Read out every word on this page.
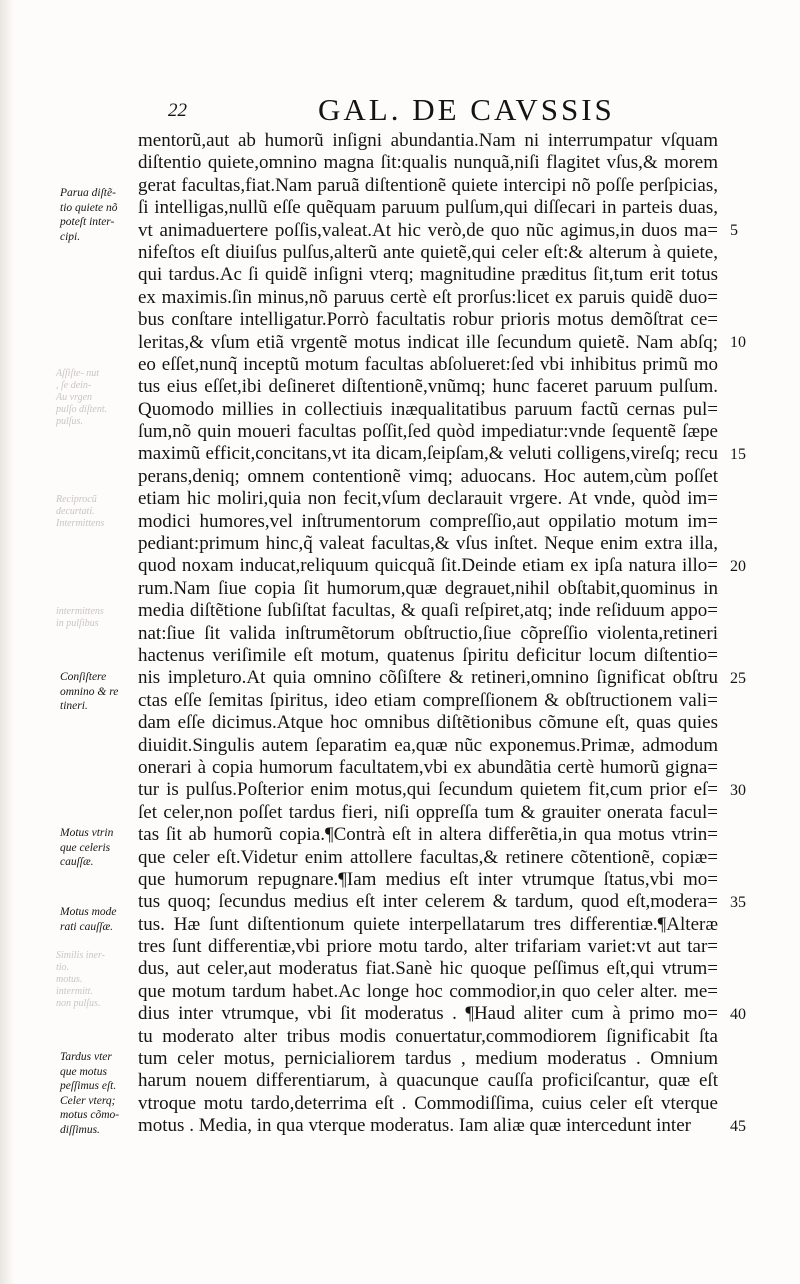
Aſſiſte- nut
, ſe dein-
Au vrgen
pulſo diſtent.
pulſus.
Reciprocũ
decurtati.
Intermittens
intermittens
in pulſibus
Similis iner-
tio.
motus.
intermitt.
non pulſus.
22	GAL. DE CAVSSIS
mentorũ,aut ab humorũ inſigni abundantia.Nam ni interrumpatur vſquam
diſtentio quiete,omnino magna ſit:qualis nunquã,niſi flagitet vſus,& morem
gerat facultas,fiat.Nam paruã diſtentionẽ quiete intercipi nõ poſſe perſpicias,
ſi intelligas,nullũ eſſe quẽquam paruum pulſum,qui diſſecari in parteis duas,
vt animaduertere poſſis,valeat.At hic verò,de quo nũc agimus,in duos ma=
nifeſtos eſt diuiſus pulſus,alterũ ante quietẽ,qui celer eſt:& alterum à quiete,
qui tardus.Ac ſi quidẽ inſigni vterq; magnitudine præditus ſit,tum erit totus
ex maximis.ſin minus,nõ paruus certè eſt prorſus:licet ex paruis quidẽ duo=
bus conſtare intelligatur.Porrò facultatis robur prioris motus demõſtrat ce=
leritas,& vſum etiã vrgentẽ motus indicat ille ſecundum quietẽ. Nam abſq;
eo eſſet,nunq̃ inceptũ motum facultas abſolueret:ſed vbi inhibitus primũ mo
tus eius eſſet,ibi deſineret diſtentionẽ,vnũmq; hunc faceret paruum pulſum.
Quomodo millies in collectiuis inæqualitatibus paruum factũ cernas pul=
ſum,nõ quin moueri facultas poſſit,ſed quòd impediatur:vnde ſequentẽ ſæpe
maximũ efficit,concitans,vt ita dicam,ſeipſam,& veluti colligens,vireſq; recu
perans,deniq; omnem contentionẽ vimq; aduocans. Hoc autem,cùm poſſet
etiam hic moliri,quia non fecit,vſum declarauit vrgere. At vnde, quòd im=
modici humores,vel inſtrumentorum compreſſio,aut oppilatio motum im=
pediant:primum hinc,q̃ valeat facultas,& vſus inſtet. Neque enim extra illa,
quod noxam inducat,reliquum quicquã ſit.Deinde etiam ex ipſa natura illo=
rum.Nam ſiue copia ſit humorum,quæ degrauet,nihil obſtabit,quominus in
media diſtẽtione ſubſiſtat facultas, & quaſi reſpiret,atq; inde reſiduum appo=
nat:ſiue ſit valida inſtrumẽtorum obſtructio,ſiue cõpreſſio violenta,retineri
hactenus veriſimile eſt motum, quatenus ſpiritu deficitur locum diſtentio=
nis impleturo.At quia omnino cõſiſtere & retineri,omnino ſignificat obſtru
ctas eſſe ſemitas ſpiritus, ideo etiam compreſſionem & obſtructionem vali=
dam eſſe dicimus.Atque hoc omnibus diſtẽtionibus cõmune eſt, quas quies
diuidit.Singulis autem ſeparatim ea,quæ nũc exponemus.Primæ, admodum
onerari à copia humorum facultatem,vbi ex abundãtia certè humorũ gigna=
tur is pulſus.Poſterior enim motus,qui ſecundum quietem fit,cum prior eſ=
ſet celer,non poſſet tardus fieri, niſi oppreſſa tum & grauiter onerata facul=
tas ſit ab humorũ copia.¶Contrà eſt in altera differẽtia,in qua motus vtrin=
que celer eſt.Videtur enim attollere facultas,& retinere cõtentionẽ, copiæ=
que humorum repugnare.¶Iam medius eſt inter vtrumque ſtatus,vbi mo=
tus quoq; ſecundus medius eſt inter celerem & tardum, quod eſt,modera=
tus. Hæ ſunt diſtentionum quiete interpellatarum tres differentiæ.¶Alteræ
tres ſunt differentiæ,vbi priore motu tardo, alter trifariam variet:vt aut tar=
dus, aut celer,aut moderatus fiat.Sanè hic quoque peſſimus eſt,qui vtrum=
que motum tardum habet.Ac longe hoc commodior,in quo celer alter. me=
dius inter vtrumque, vbi ſit moderatus . ¶Haud aliter cum à primo mo=
tu moderato alter tribus modis conuertatur,commodiorem ſignificabit ſta
tum celer motus, pernicialiorem tardus , medium moderatus . Omnium
harum nouem differentiarum, à quacunque cauſſa proficiſcantur, quæ eſt
vtroque motu tardo,deterrima eſt . Commodiſſima, cuius celer eſt vterque
motus . Media, in qua vterque moderatus. Iam aliæ quæ intercedunt inter
Parua diſtẽ-
tio quiete nõ
poteſt inter-
cipi.
Conſiſtere
omnino & re
tineri.
Motus vtrin
que celeris
cauſſæ.
Motus mode
rati cauſſæ.
Tardus vter
que motus
peſſimus eſt.
Celer vterq;
motus cõmo-
diſſimus.
5
10
15
20
25
30
35
40
45
